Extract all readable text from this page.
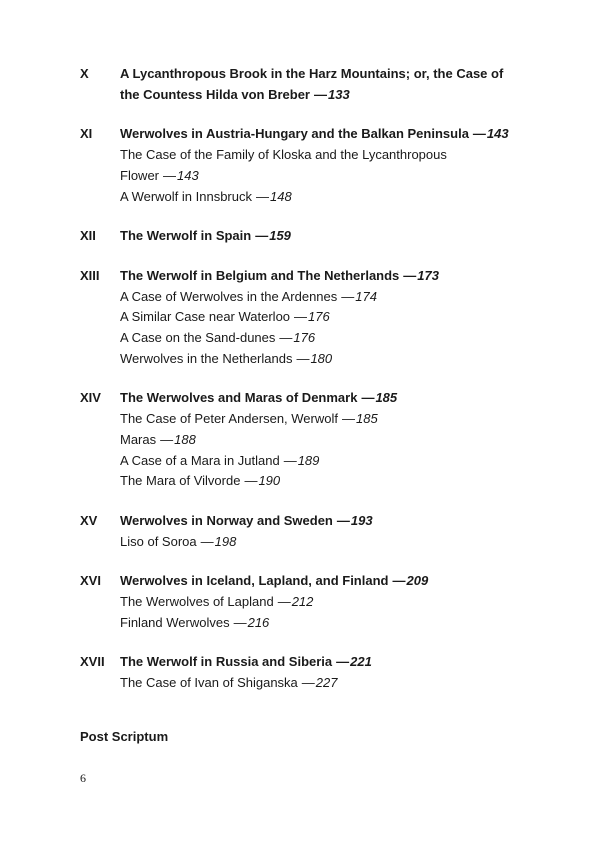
X	A Lycanthropous Brook in the Harz Mountains; or, the Case of
the Countess Hilda von Breber —133
XI	Werwolves in Austria-Hungary and the Balkan Peninsula —143
The Case of the Family of Kloska and the Lycanthropous
Flower —143
A Werwolf in Innsbruck —148
XII	The Werwolf in Spain —159
XIII	The Werwolf in Belgium and The Netherlands —173
A Case of Werwolves in the Ardennes —174
A Similar Case near Waterloo —176
A Case on the Sand-dunes —176
Werwolves in the Netherlands —180
XIV	The Werwolves and Maras of Denmark —185
The Case of Peter Andersen, Werwolf —185
Maras —188
A Case of a Mara in Jutland —189
The Mara of Vilvorde —190
XV	Werwolves in Norway and Sweden —193
Liso of Soroa —198
XVI	Werwolves in Iceland, Lapland, and Finland —209
The Werwolves of Lapland —212
Finland Werwolves —216
XVII	The Werwolf in Russia and Siberia —221
The Case of Ivan of Shiganska —227
Post Scriptum
6
